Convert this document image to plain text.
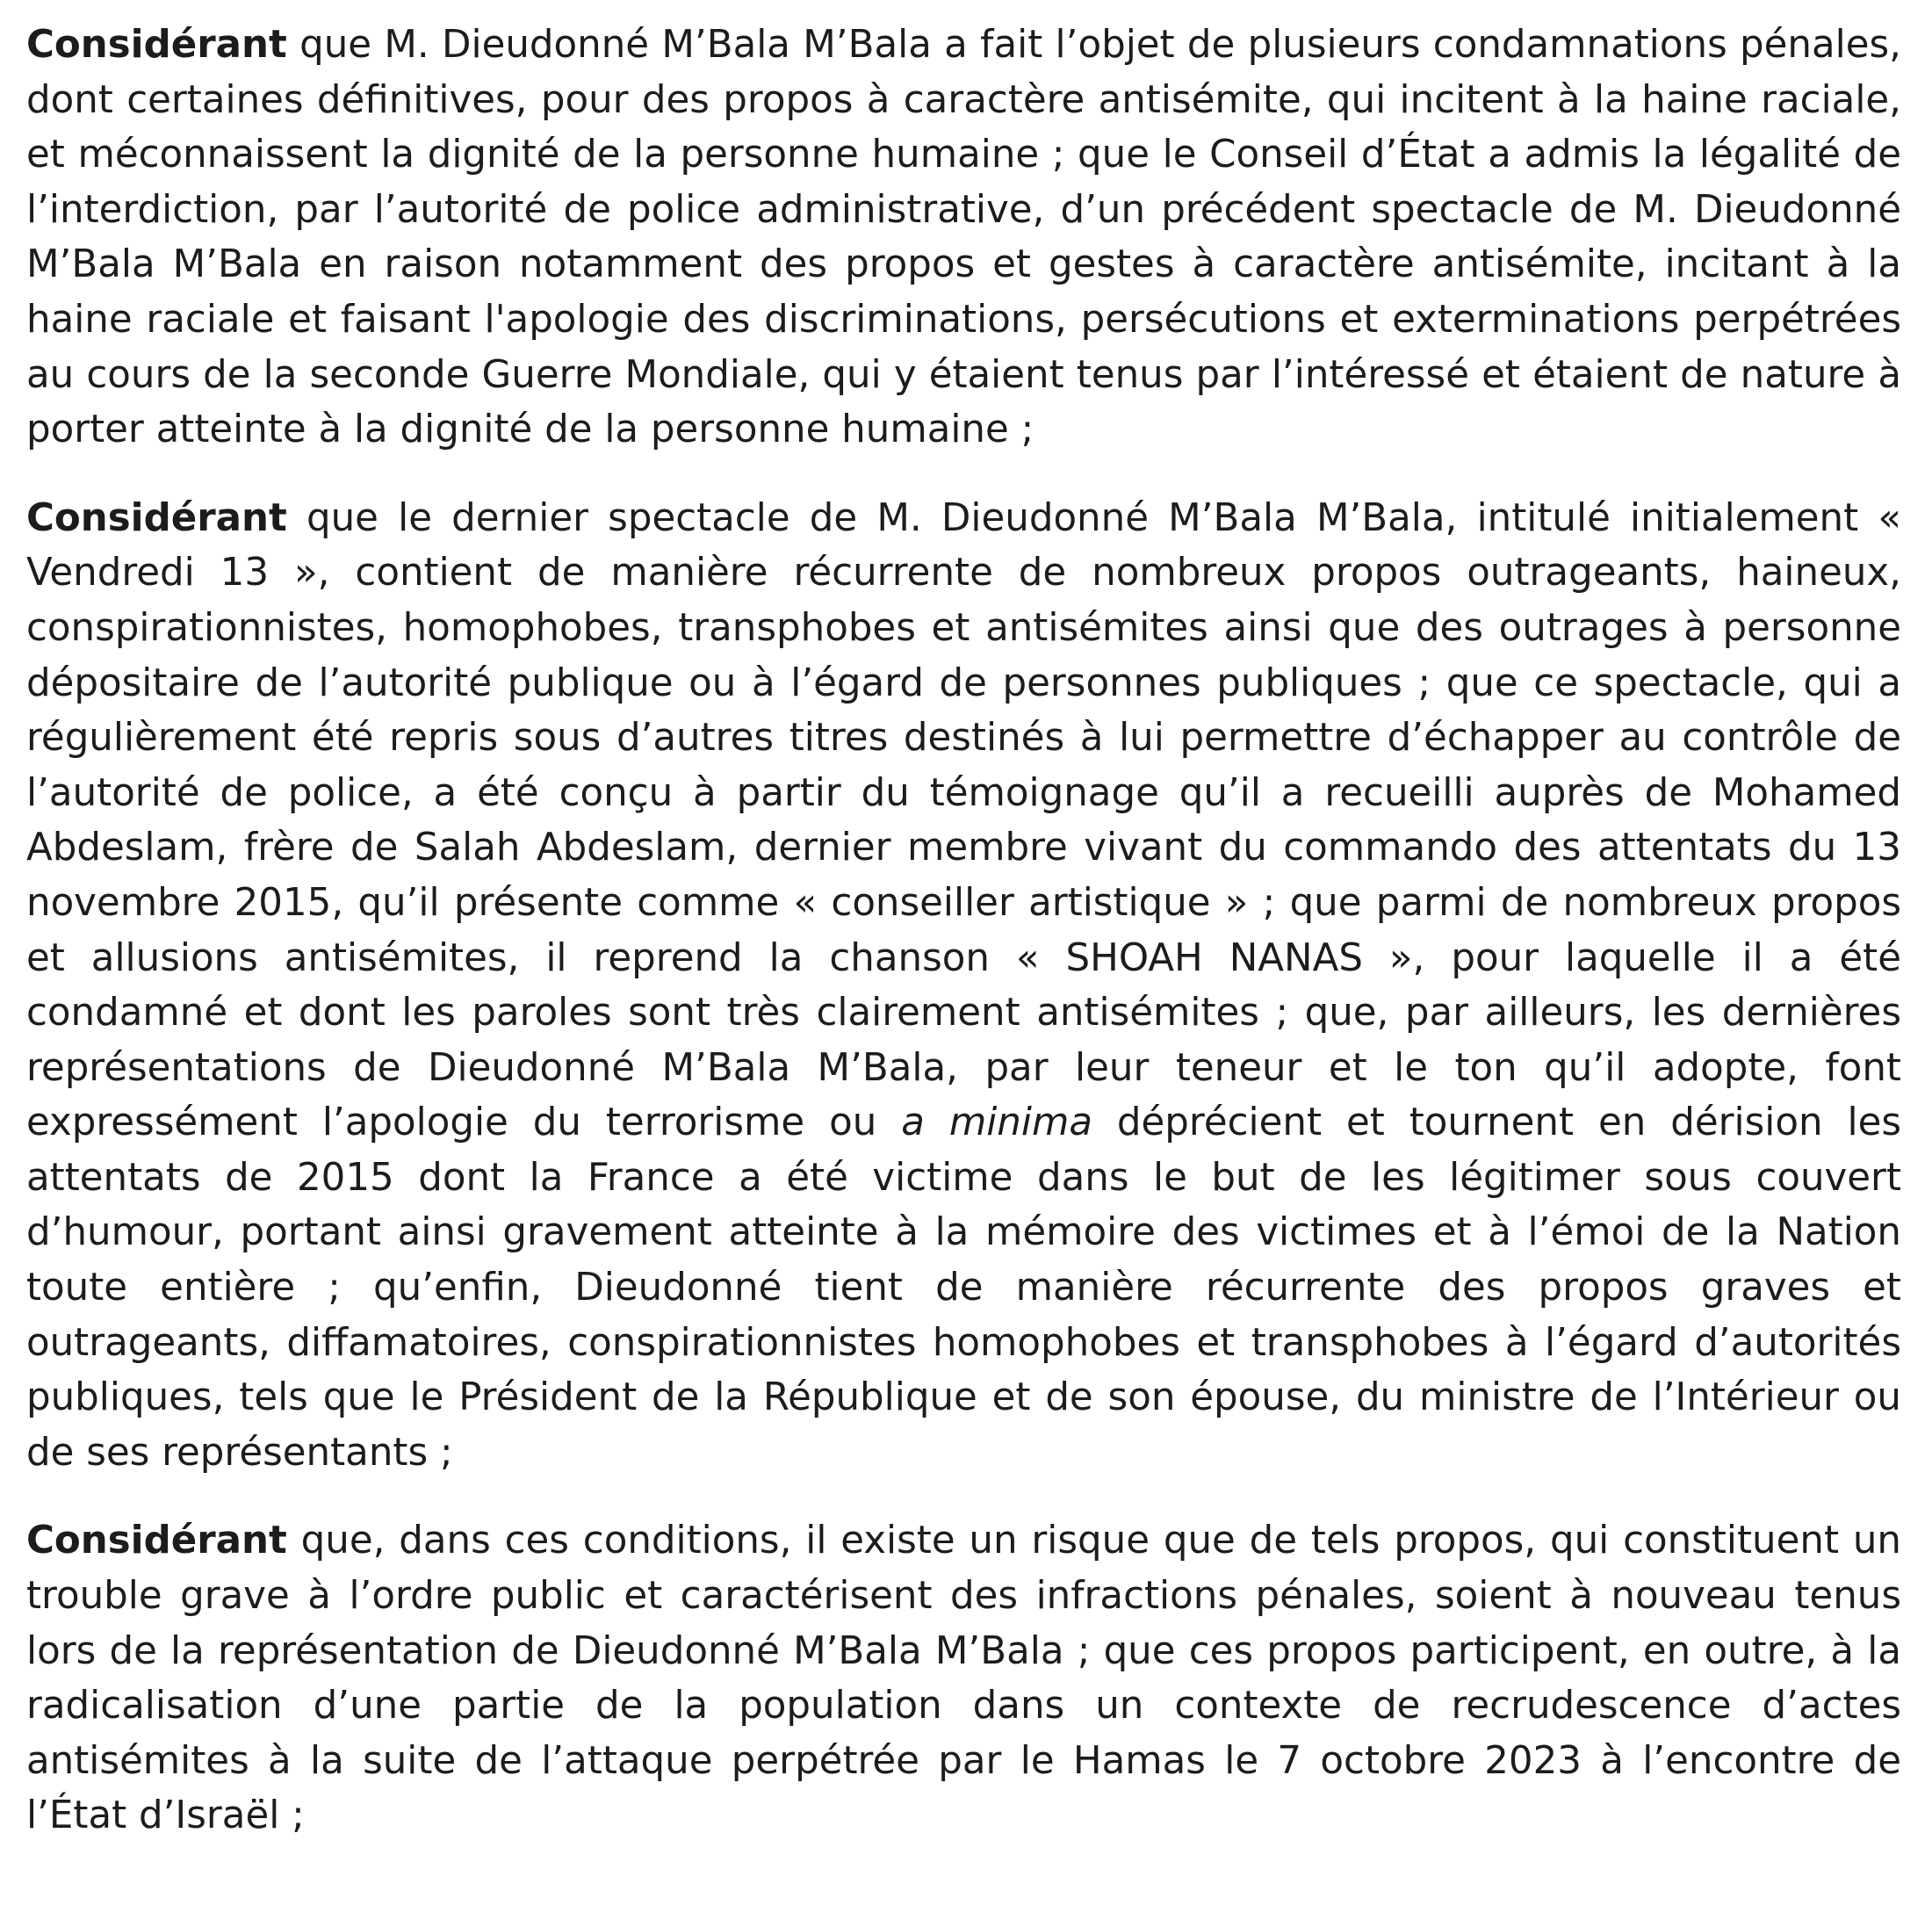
Considérant que M. Dieudonné M’Bala M’Bala a fait l’objet de plusieurs condamnations pénales, dont certaines définitives, pour des propos à caractère antisémite, qui incitent à la haine raciale, et méconnaissent la dignité de la personne humaine ; que le Conseil d’État a admis la légalité de l’interdiction, par l’autorité de police administrative, d’un précédent spectacle de M. Dieudonné M’Bala M’Bala en raison notamment des propos et gestes à caractère antisémite, incitant à la haine raciale et faisant l'apologie des discriminations, persécutions et exterminations perpétrées au cours de la seconde Guerre Mondiale, qui y étaient tenus par l’intéressé et étaient de nature à porter atteinte à la dignité de la personne humaine ;

Considérant que le dernier spectacle de M. Dieudonné M’Bala M’Bala, intitulé initialement « Vendredi 13 », contient de manière récurrente de nombreux propos outrageants, haineux, conspirationnistes, homophobes, transphobes et antisémites ainsi que des outrages à personne dépositaire de l’autorité publique ou à l’égard de personnes publiques ; que ce spectacle, qui a régulièrement été repris sous d’autres titres destinés à lui permettre d’échapper au contrôle de l’autorité de police, a été conçu à partir du témoignage qu’il a recueilli auprès de Mohamed Abdeslam, frère de Salah Abdeslam, dernier membre vivant du commando des attentats du 13 novembre 2015, qu’il présente comme « conseiller artistique » ; que parmi de nombreux propos et allusions antisémites, il reprend la chanson « SHOAH NANAS », pour laquelle il a été condamné et dont les paroles sont très clairement antisémites ; que, par ailleurs, les dernières représentations de Dieudonné M’Bala M’Bala, par leur teneur et le ton qu’il adopte, font expressément l’apologie du terrorisme ou a minima déprécient et tournent en dérision les attentats de 2015 dont la France a été victime dans le but de les légitimer sous couvert d’humour, portant ainsi gravement atteinte à la mémoire des victimes et à l’émoi de la Nation toute entière ; qu’enfin, Dieudonné tient de manière récurrente des propos graves et outrageants, diffamatoires, conspirationnistes homophobes et transphobes à l’égard d’autorités publiques, tels que le Président de la République et de son épouse, du ministre de l’Intérieur ou de ses représentants ;

Considérant que, dans ces conditions, il existe un risque que de tels propos, qui constituent un trouble grave à l’ordre public et caractérisent des infractions pénales, soient à nouveau tenus lors de la représentation de Dieudonné M’Bala M’Bala ; que ces propos participent, en outre, à la radicalisation d’une partie de la population dans un contexte de recrudescence d’actes antisémites à la suite de l’attaque perpétrée par le Hamas le 7 octobre 2023 à l’encontre de l’État d’Israël ;
